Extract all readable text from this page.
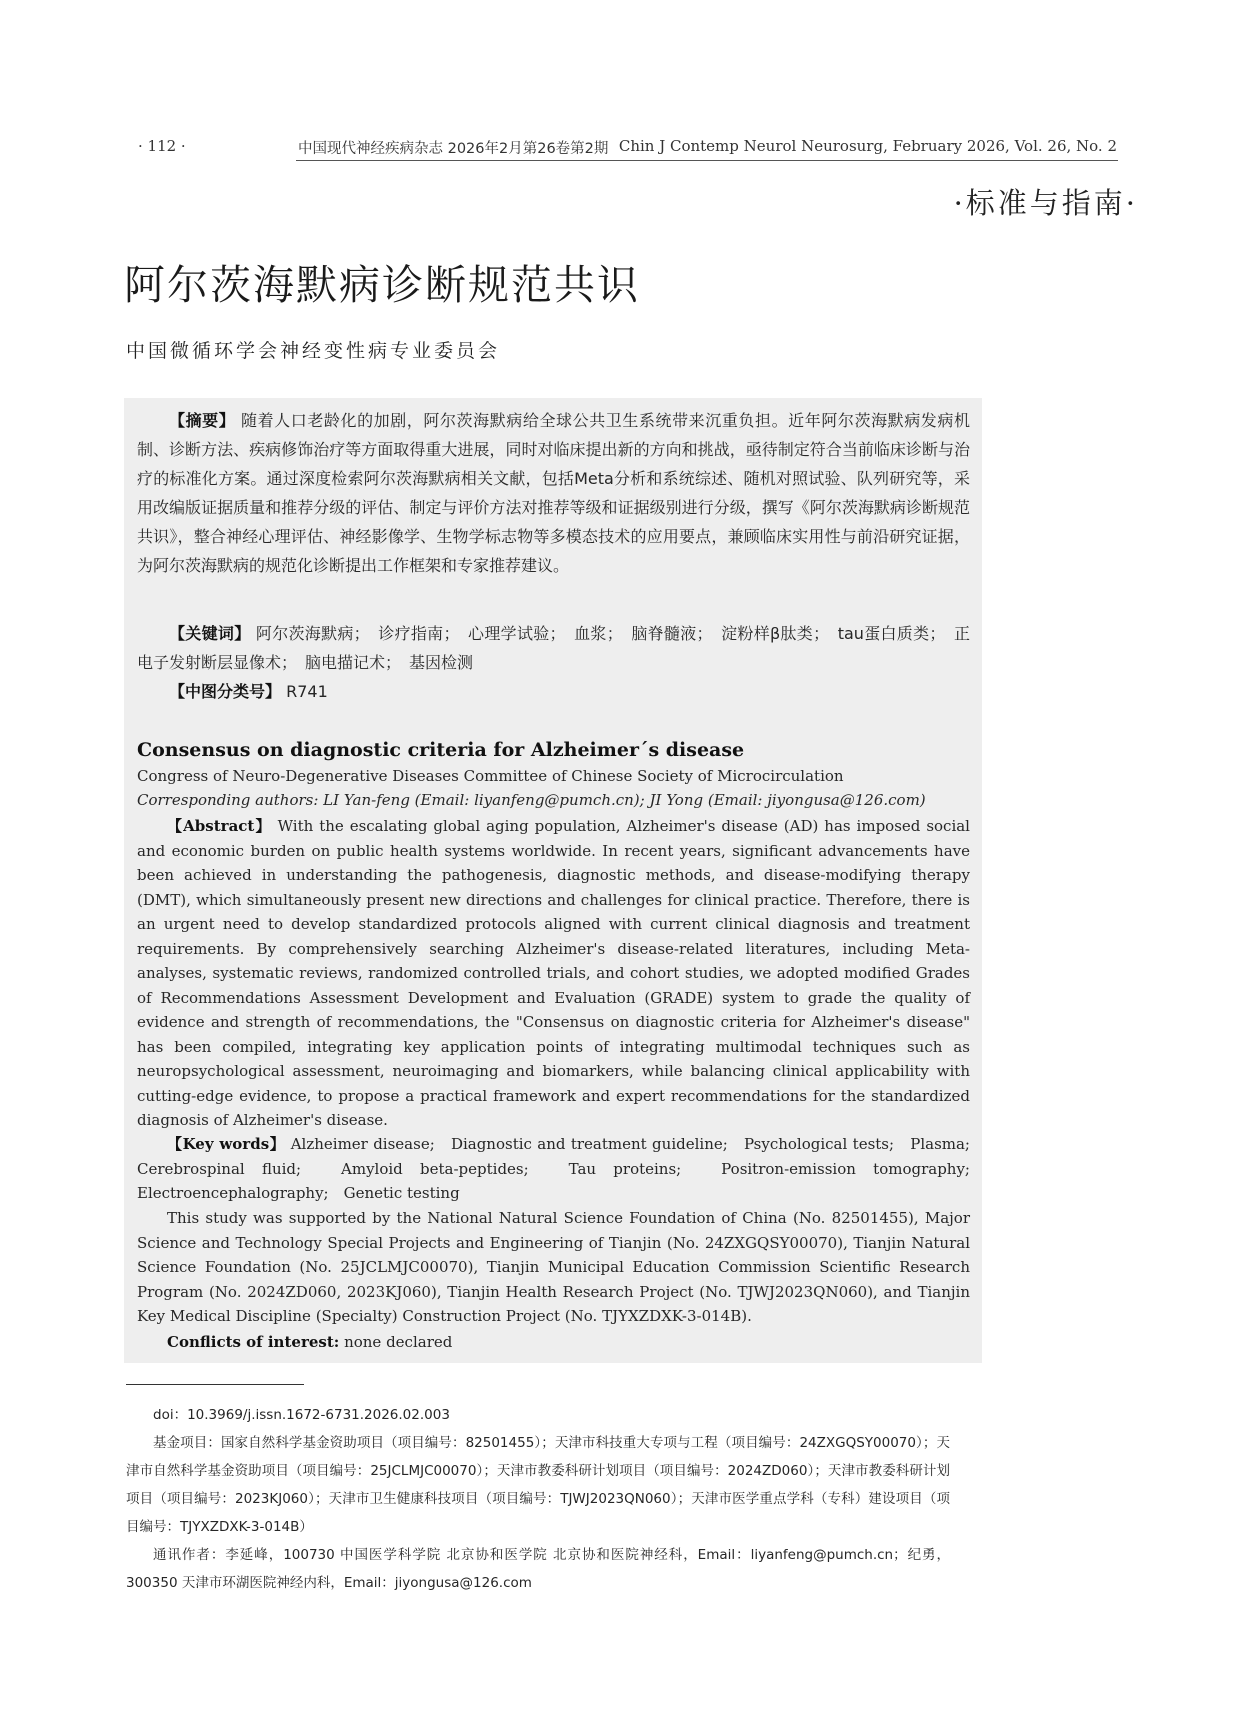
· 112 ·	中国现代神经疾病杂志 2026年2月第26卷第2期 Chin J Contemp Neurol Neurosurg, February 2026, Vol. 26, No. 2
·标准与指南·
阿尔茨海默病诊断规范共识
中国微循环学会神经变性病专业委员会

【摘要】 随着人口老龄化的加剧，阿尔茨海默病给全球公共卫生系统带来沉重负担。近年阿尔茨海默病发病机制、诊断方法、疾病修饰治疗等方面取得重大进展，同时对临床提出新的方向和挑战，亟待制定符合当前临床诊断与治疗的标准化方案。通过深度检索阿尔茨海默病相关文献，包括Meta分析和系统综述、随机对照试验、队列研究等，采用改编版证据质量和推荐分级的评估、制定与评价方法对推荐等级和证据级别进行分级，撰写《阿尔茨海默病诊断规范共识》，整合神经心理评估、神经影像学、生物学标志物等多模态技术的应用要点，兼顾临床实用性与前沿研究证据，为阿尔茨海默病的规范化诊断提出工作框架和专家推荐建议。

【关键词】 阿尔茨海默病；　诊疗指南；　心理学试验；　血浆；　脑脊髓液；　淀粉样β肽类；　tau蛋白质类；　正电子发射断层显像术；　脑电描记术；　基因检测

【中图分类号】 R741

Consensus on diagnostic criteria for Alzheimer´s disease
Congress of Neuro-Degenerative Diseases Committee of Chinese Society of Microcirculation
Corresponding authors: LI Yan-feng (Email: liyanfeng@pumch.cn); JI Yong (Email: jiyongusa@126.com)

【Abstract】 With the escalating global aging population, Alzheimer's disease (AD) has imposed social and economic burden on public health systems worldwide. In recent years, significant advancements have been achieved in understanding the pathogenesis, diagnostic methods, and disease-modifying therapy (DMT), which simultaneously present new directions and challenges for clinical practice. Therefore, there is an urgent need to develop standardized protocols aligned with current clinical diagnosis and treatment requirements. By comprehensively searching Alzheimer's disease-related literatures, including Meta-analyses, systematic reviews, randomized controlled trials, and cohort studies, we adopted modified Grades of Recommendations Assessment Development and Evaluation (GRADE) system to grade the quality of evidence and strength of recommendations, the "Consensus on diagnostic criteria for Alzheimer's disease" has been compiled, integrating key application points of integrating multimodal techniques such as neuropsychological assessment, neuroimaging and biomarkers, while balancing clinical applicability with cutting-edge evidence, to propose a practical framework and expert recommendations for the standardized diagnosis of Alzheimer's disease.

【Key words】 Alzheimer disease;　Diagnostic and treatment guideline;　Psychological tests;　Plasma;　Cerebrospinal fluid;　Amyloid beta-peptides;　Tau proteins;　Positron-emission tomography;　Electroencephalography;　Genetic testing

This study was supported by the National Natural Science Foundation of China (No. 82501455), Major Science and Technology Special Projects and Engineering of Tianjin (No. 24ZXGQSY00070), Tianjin Natural Science Foundation (No. 25JCLMJC00070), Tianjin Municipal Education Commission Scientific Research Program (No. 2024ZD060, 2023KJ060), Tianjin Health Research Project (No. TJWJ2023QN060), and Tianjin Key Medical Discipline (Specialty) Construction Project (No. TJYXZDXK-3-014B).

Conflicts of interest: none declared

doi：10.3969/j.issn.1672-6731.2026.02.003

基金项目：国家自然科学基金资助项目（项目编号：82501455）；天津市科技重大专项与工程（项目编号：24ZXGQSY00070）；天津市自然科学基金资助项目（项目编号：25JCLMJC00070）；天津市教委科研计划项目（项目编号：2024ZD060）；天津市教委科研计划项目（项目编号：2023KJ060）；天津市卫生健康科技项目（项目编号：TJWJ2023QN060）；天津市医学重点学科（专科）建设项目（项目编号：TJYXZDXK-3-014B）

通讯作者：李延峰，100730 中国医学科学院 北京协和医学院 北京协和医院神经科，Email：liyanfeng@pumch.cn；纪勇，300350 天津市环湖医院神经内科，Email：jiyongusa@126.com
